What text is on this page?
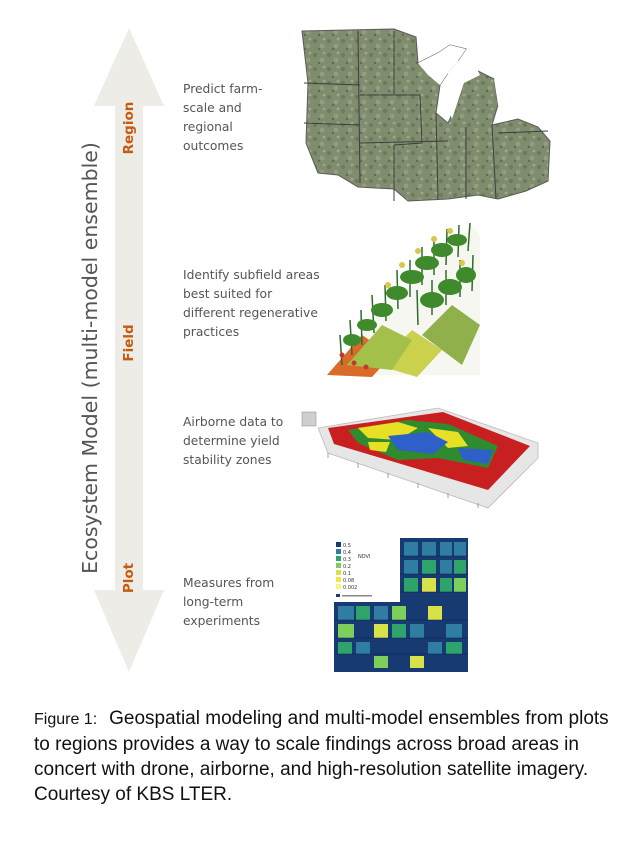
Ecosystem Model (multi-model ensemble)
Region
Field
Plot
Predict farm-
scale and
regional
outcomes
Identify subfield areas
best suited for
different regenerative
practices
Airborne data to
determine yield
stability zones
Measures from
long-term
experiments
0.5
0.4
0.3
0.2
0.1
0.08
0.002
NDVI
Figure 1: Geospatial modeling and multi-model ensembles from plots to regions provides a way to scale findings across broad areas in concert with drone, airborne, and high-resolution satellite imagery. Courtesy of KBS LTER.
